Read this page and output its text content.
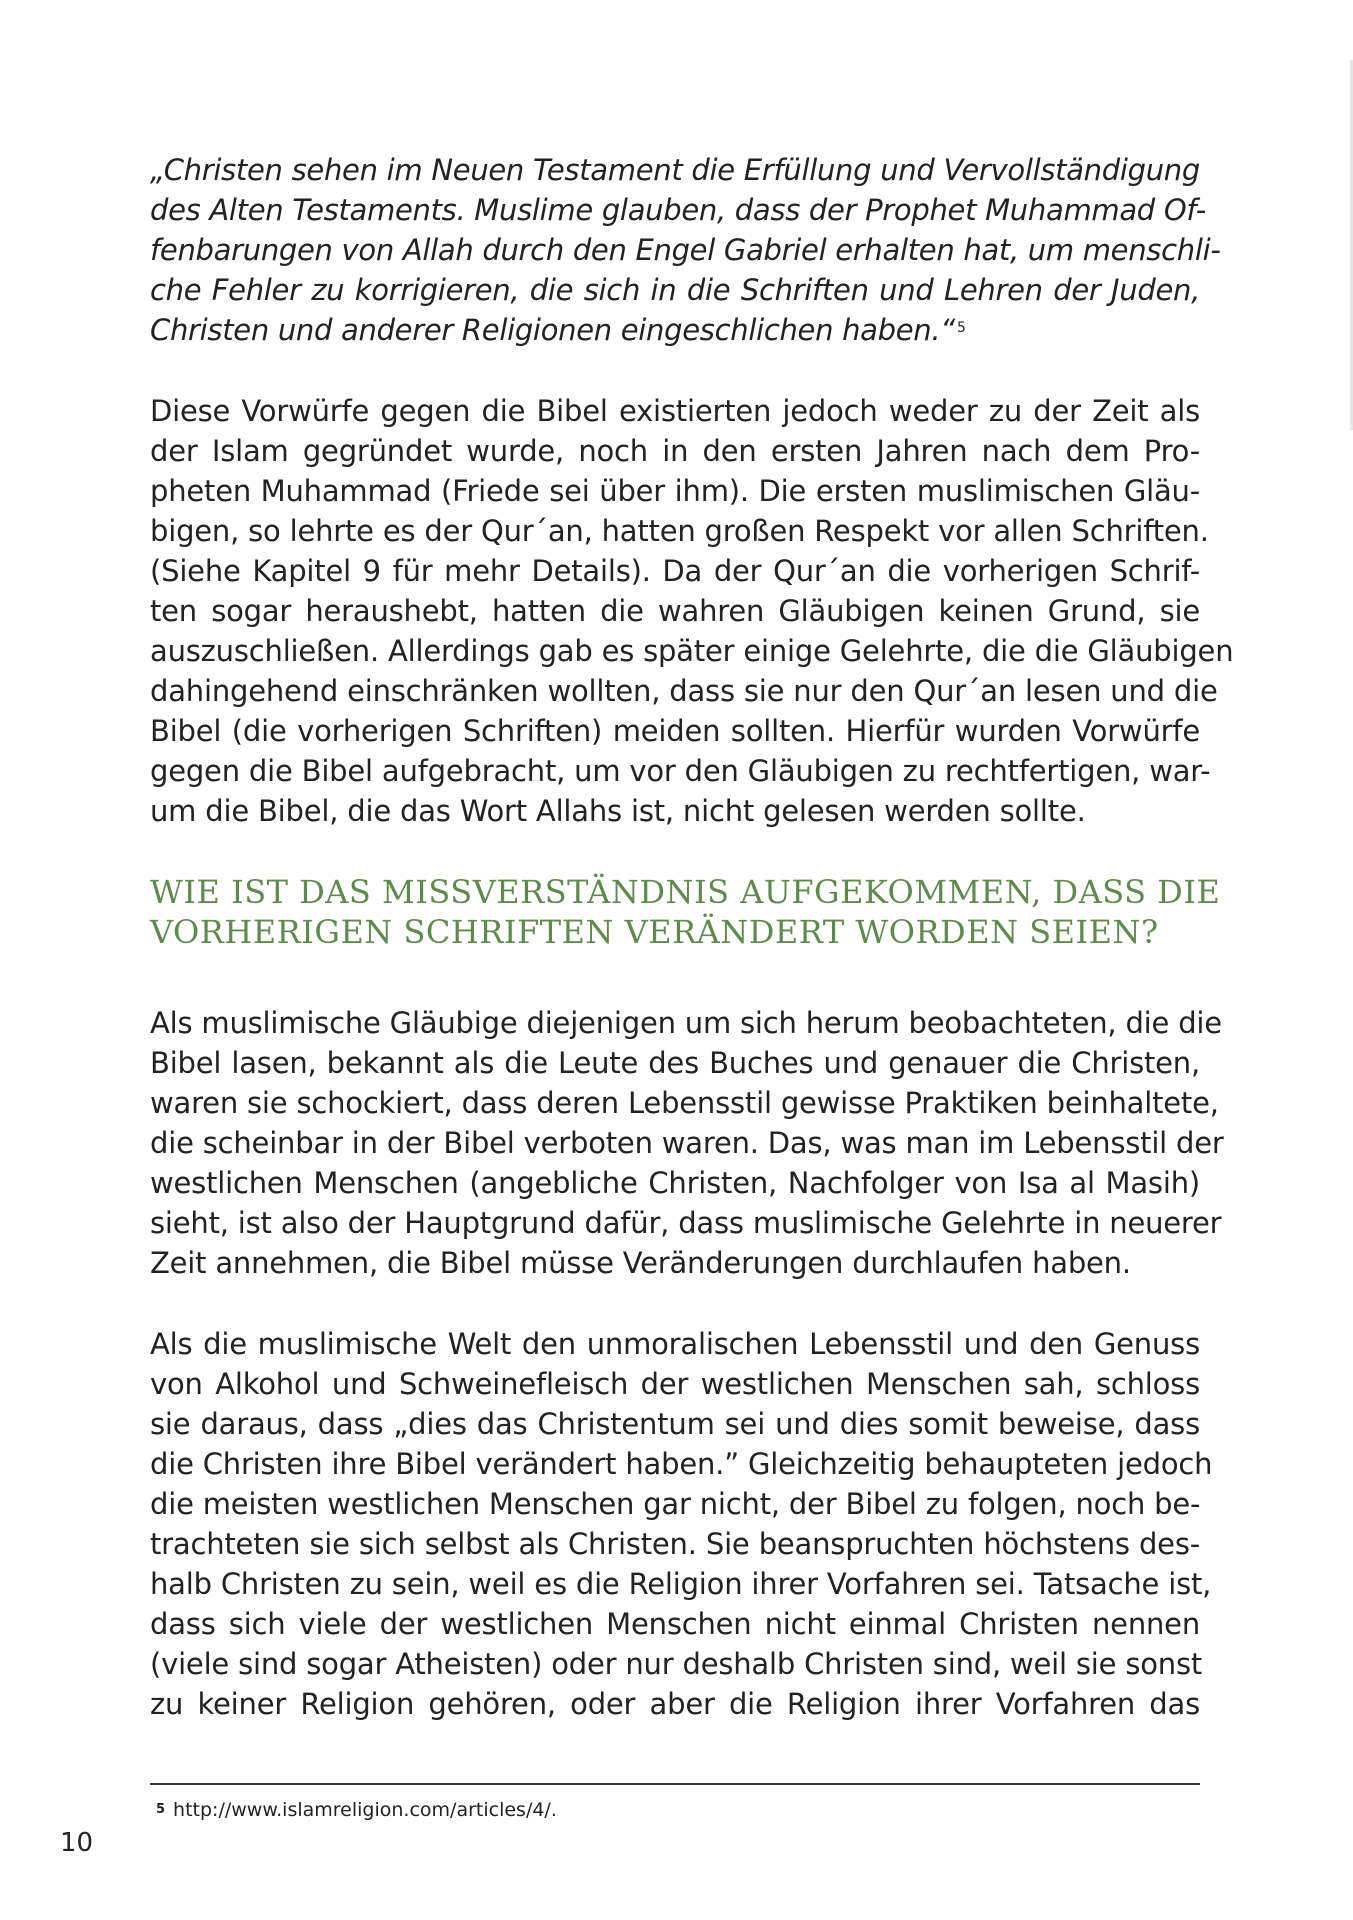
„Christen sehen im Neuen Testament die Erfüllung und Vervollständigung
des Alten Testaments. Muslime glauben, dass der Prophet Muhammad Of-
fenbarungen von Allah durch den Engel Gabriel erhalten hat, um menschli-
che Fehler zu korrigieren, die sich in die Schriften und Lehren der Juden,
Christen und anderer Religionen eingeschlichen haben.“ $^5$
Diese Vorwürfe gegen die Bibel existierten jedoch weder zu der Zeit als
der Islam gegründet wurde, noch in den ersten Jahren nach dem Pro-
pheten Muhammad (Friede sei über ihm). Die ersten muslimischen Gläu-
bigen, so lehrte es der Qur´an, hatten großen Respekt vor allen Schriften.
(Siehe Kapitel 9 für mehr Details). Da der Qur´an die vorherigen Schrif-
ten sogar heraushebt, hatten die wahren Gläubigen keinen Grund, sie
auszuschließen. Allerdings gab es später einige Gelehrte, die die Gläubigen
dahingehend einschränken wollten, dass sie nur den Qur´an lesen und die
Bibel (die vorherigen Schriften) meiden sollten. Hierfür wurden Vorwürfe
gegen die Bibel aufgebracht, um vor den Gläubigen zu rechtfertigen, war-
um die Bibel, die das Wort Allahs ist, nicht gelesen werden sollte.
WIE IST DAS MISSVERSTÄNDNIS AUFGEKOMMEN, DASS DIE
VORHERIGEN SCHRIFTEN VERÄNDERT WORDEN SEIEN?
Als muslimische Gläubige diejenigen um sich herum beobachteten, die die
Bibel lasen, bekannt als die Leute des Buches und genauer die Christen,
waren sie schockiert, dass deren Lebensstil gewisse Praktiken beinhaltete,
die scheinbar in der Bibel verboten waren. Das, was man im Lebensstil der
westlichen Menschen (angebliche Christen, Nachfolger von Isa al Masih)
sieht, ist also der Hauptgrund dafür, dass muslimische Gelehrte in neuerer
Zeit annehmen, die Bibel müsse Veränderungen durchlaufen haben.
Als die muslimische Welt den unmoralischen Lebensstil und den Genuss
von Alkohol und Schweinefleisch der westlichen Menschen sah, schloss
sie daraus, dass „dies das Christentum sei und dies somit beweise, dass
die Christen ihre Bibel verändert haben.” Gleichzeitig behaupteten jedoch
die meisten westlichen Menschen gar nicht, der Bibel zu folgen, noch be-
trachteten sie sich selbst als Christen. Sie beanspruchten höchstens des-
halb Christen zu sein, weil es die Religion ihrer Vorfahren sei. Tatsache ist,
dass sich viele der westlichen Menschen nicht einmal Christen nennen
(viele sind sogar Atheisten) oder nur deshalb Christen sind, weil sie sonst
zu keiner Religion gehören, oder aber die Religion ihrer Vorfahren das
$^5$ http://www.islamreligion.com/articles/4/.
10
